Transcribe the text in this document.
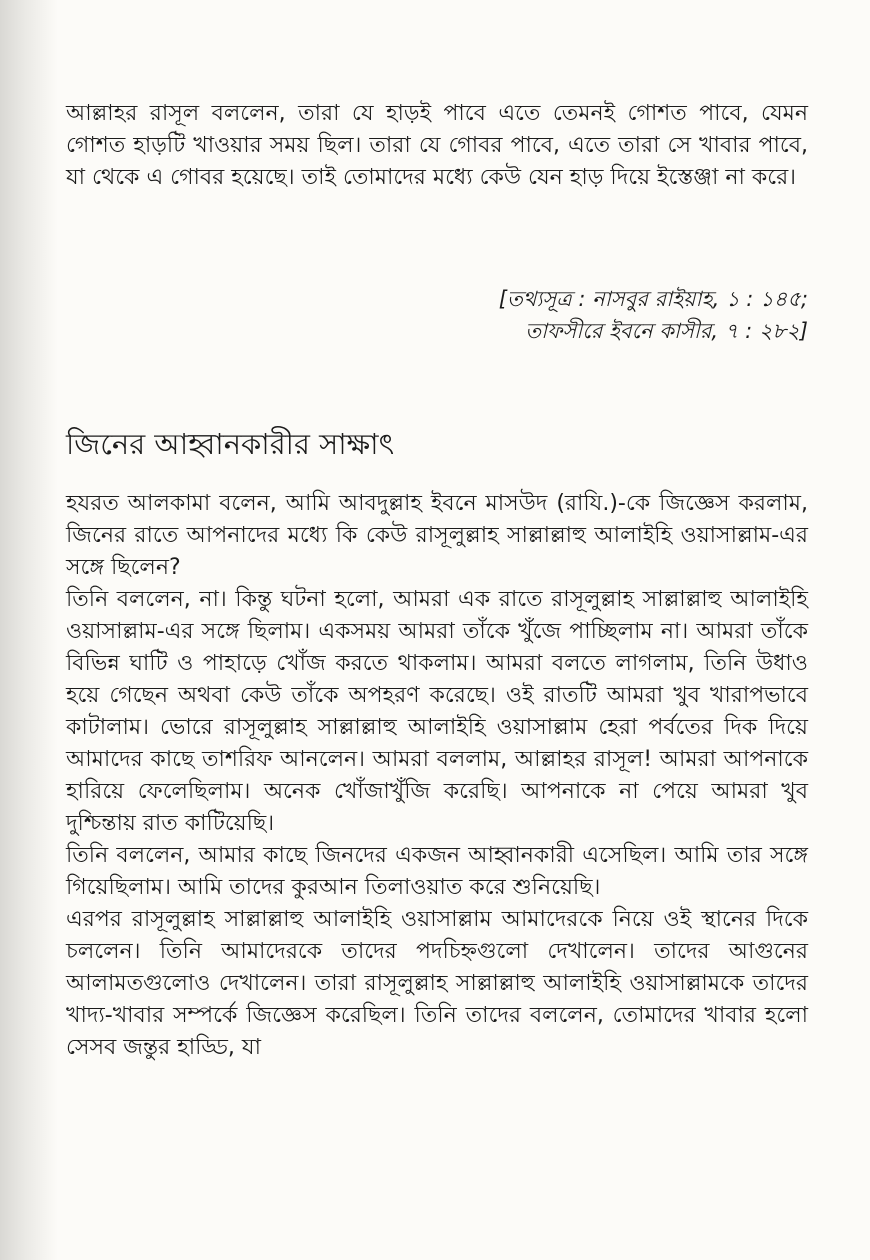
আল্লাহর রাসূল বললেন, তারা যে হাড়ই পাবে এতে তেমনই গোশত পাবে, যেমন গোশত হাড়টি খাওয়ার সময় ছিল। তারা যে গোবর পাবে, এতে তারা সে খাবার পাবে, যা থেকে এ গোবর হয়েছে। তাই তোমাদের মধ্যে কেউ যেন হাড় দিয়ে ইস্তেঞ্জা না করে।
[তথ্যসূত্র : নাসবুর রাইয়াহ, ১ : ১৪৫;
তাফসীরে ইবনে কাসীর, ৭ : ২৮২]
জিনের আহ্বানকারীর সাক্ষাৎ

হযরত আলকামা বলেন, আমি আবদুল্লাহ ইবনে মাসউদ (রাযি.)-কে জিজ্ঞেস করলাম, জিনের রাতে আপনাদের মধ্যে কি কেউ রাসূলুল্লাহ সাল্লাল্লাহু আলাইহি ওয়াসাল্লাম-এর সঙ্গে ছিলেন?

তিনি বললেন, না। কিন্তু ঘটনা হলো, আমরা এক রাতে রাসূলুল্লাহ সাল্লাল্লাহু আলাইহি ওয়াসাল্লাম-এর সঙ্গে ছিলাম। একসময় আমরা তাঁকে খুঁজে পাচ্ছিলাম না। আমরা তাঁকে বিভিন্ন ঘাটি ও পাহাড়ে খোঁজ করতে থাকলাম। আমরা বলতে লাগলাম, তিনি উধাও হয়ে গেছেন অথবা কেউ তাঁকে অপহরণ করেছে। ওই রাতটি আমরা খুব খারাপভাবে কাটালাম। ভোরে রাসূলুল্লাহ সাল্লাল্লাহু আলাইহি ওয়াসাল্লাম হেরা পর্বতের দিক দিয়ে আমাদের কাছে তাশরিফ আনলেন। আমরা বললাম, আল্লাহর রাসূল! আমরা আপনাকে হারিয়ে ফেলেছিলাম। অনেক খোঁজাখুঁজি করেছি। আপনাকে না পেয়ে আমরা খুব দুশ্চিন্তায় রাত কাটিয়েছি।

তিনি বললেন, আমার কাছে জিনদের একজন আহ্বানকারী এসেছিল। আমি তার সঙ্গে গিয়েছিলাম। আমি তাদের কুরআন তিলাওয়াত করে শুনিয়েছি।

এরপর রাসূলুল্লাহ সাল্লাল্লাহু আলাইহি ওয়াসাল্লাম আমাদেরকে নিয়ে ওই স্থানের দিকে চললেন। তিনি আমাদেরকে তাদের পদচিহ্নগুলো দেখালেন। তাদের আগুনের আলামতগুলোও দেখালেন। তারা রাসূলুল্লাহ সাল্লাল্লাহু আলাইহি ওয়াসাল্লামকে তাদের খাদ্য-খাবার সম্পর্কে জিজ্ঞেস করেছিল। তিনি তাদের বললেন, তোমাদের খাবার হলো সেসব জন্তুর হাড্ডি, যা
